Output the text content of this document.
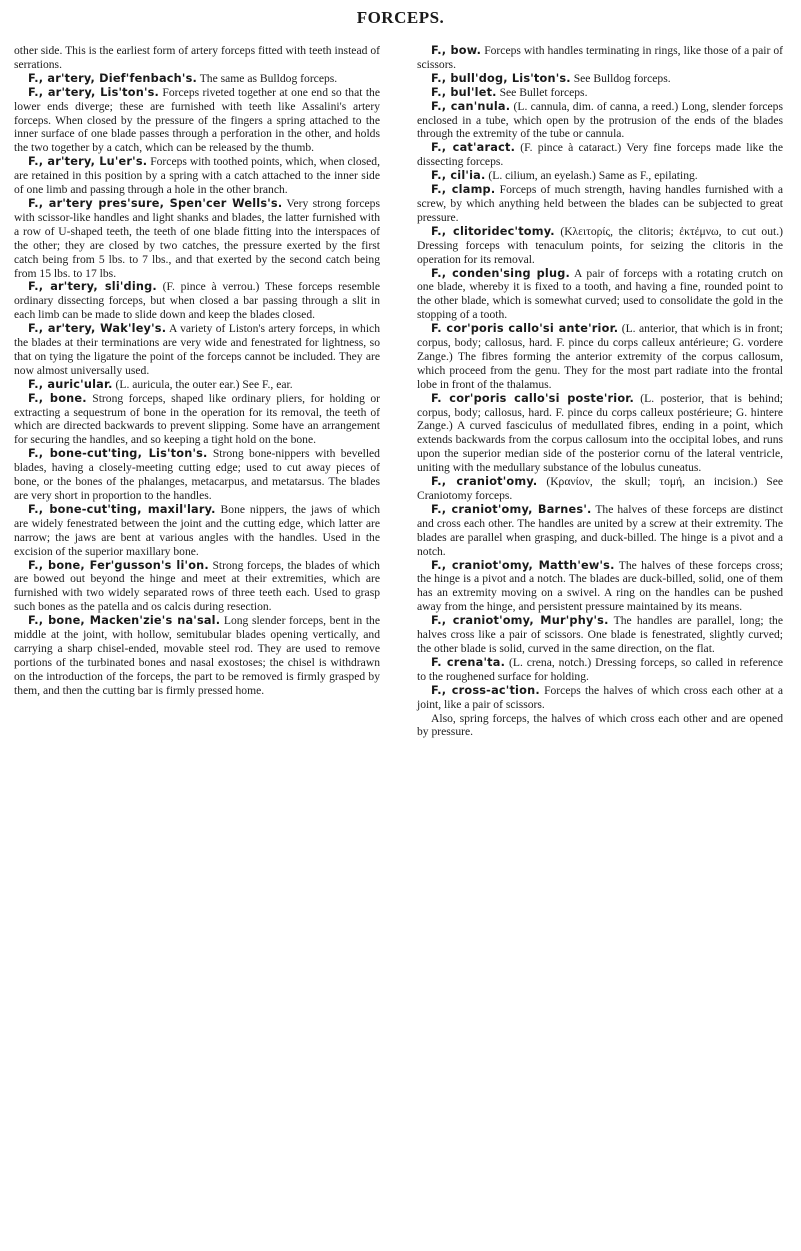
FORCEPS.

other side. This is the earliest form of artery forceps fitted with teeth instead of serrations.

F., ar'tery, Dief'fenbach's. The same as Bulldog forceps.

F., ar'tery, Lis'ton's. Forceps riveted together at one end so that the lower ends diverge; these are furnished with teeth like Assalini's artery forceps. When closed by the pressure of the fingers a spring attached to the inner surface of one blade passes through a perforation in the other, and holds the two together by a catch, which can be released by the thumb.

F., ar'tery, Lu'er's. Forceps with toothed points, which, when closed, are retained in this position by a spring with a catch attached to the inner side of one limb and passing through a hole in the other branch.

F., ar'tery pres'sure, Spen'cer Wells's. Very strong forceps with scissor-like handles and light shanks and blades, the latter furnished with a row of U-shaped teeth, the teeth of one blade fitting into the interspaces of the other; they are closed by two catches, the pressure exerted by the first catch being from 5 lbs. to 7 lbs., and that exerted by the second catch being from 15 lbs. to 17 lbs.

F., ar'tery, sli'ding. (F. pince à verrou.) These forceps resemble ordinary dissecting forceps, but when closed a bar passing through a slit in each limb can be made to slide down and keep the blades closed.

F., ar'tery, Wak'ley's. A variety of Liston's artery forceps, in which the blades at their terminations are very wide and fenestrated for lightness, so that on tying the ligature the point of the forceps cannot be included. They are now almost universally used.

F., auric'ular. (L. auricula, the outer ear.) See F., ear.

F., bone. Strong forceps, shaped like ordinary pliers, for holding or extracting a sequestrum of bone in the operation for its removal, the teeth of which are directed backwards to prevent slipping. Some have an arrangement for securing the handles, and so keeping a tight hold on the bone.

F., bone-cut'ting, Lis'ton's. Strong bone-nippers with bevelled blades, having a closely-meeting cutting edge; used to cut away pieces of bone, or the bones of the phalanges, metacarpus, and metatarsus. The blades are very short in proportion to the handles.

F., bone-cut'ting, maxil'lary. Bone nippers, the jaws of which are widely fenestrated between the joint and the cutting edge, which latter are narrow; the jaws are bent at various angles with the handles. Used in the excision of the superior maxillary bone.

F., bone, Fer'gusson's li'on. Strong forceps, the blades of which are bowed out beyond the hinge and meet at their extremities, which are furnished with two widely separated rows of three teeth each. Used to grasp such bones as the patella and os calcis during resection.

F., bone, Macken'zie's na'sal. Long slender forceps, bent in the middle at the joint, with hollow, semitubular blades opening vertically, and carrying a sharp chisel-ended, movable steel rod. They are used to remove portions of the turbinated bones and nasal exostoses; the chisel is withdrawn on the introduction of the forceps, the part to be removed is firmly grasped by them, and then the cutting bar is firmly pressed home.

F., bow. Forceps with handles terminating in rings, like those of a pair of scissors.

F., bull'dog, Lis'ton's. See Bulldog forceps.

F., bul'let. See Bullet forceps.

F., can'nula. (L. cannula, dim. of canna, a reed.) Long, slender forceps enclosed in a tube, which open by the protrusion of the ends of the blades through the extremity of the tube or cannula.

F., cat'aract. (F. pince à cataract.) Very fine forceps made like the dissecting forceps.

F., cil'ia. (L. cilium, an eyelash.) Same as F., epilating.

F., clamp. Forceps of much strength, having handles furnished with a screw, by which anything held between the blades can be subjected to great pressure.

F., clitoridec'tomy. (Κλειτορίς, the clitoris; ἐκτέμνω, to cut out.) Dressing forceps with tenaculum points, for seizing the clitoris in the operation for its removal.

F., conden'sing plug. A pair of forceps with a rotating crutch on one blade, whereby it is fixed to a tooth, and having a fine, rounded point to the other blade, which is somewhat curved; used to consolidate the gold in the stopping of a tooth.

F. cor'poris callo'si ante'rior. (L. anterior, that which is in front; corpus, body; callosus, hard. F. pince du corps calleux antérieure; G. vordere Zange.) The fibres forming the anterior extremity of the corpus callosum, which proceed from the genu. They for the most part radiate into the frontal lobe in front of the thalamus.

F. cor'poris callo'si poste'rior. (L. posterior, that is behind; corpus, body; callosus, hard. F. pince du corps calleux postérieure; G. hintere Zange.) A curved fasciculus of medullated fibres, ending in a point, which extends backwards from the corpus callosum into the occipital lobes, and runs upon the superior median side of the posterior cornu of the lateral ventricle, uniting with the medullary substance of the lobulus cuneatus.

F., craniot'omy. (Κρανίον, the skull; τομή, an incision.) See Craniotomy forceps.

F., craniot'omy, Barnes'. The halves of these forceps are distinct and cross each other. The handles are united by a screw at their extremity. The blades are parallel when grasping, and duck-billed. The hinge is a pivot and a notch.

F., craniot'omy, Matth'ew's. The halves of these forceps cross; the hinge is a pivot and a notch. The blades are duck-billed, solid, one of them has an extremity moving on a swivel. A ring on the handles can be pushed away from the hinge, and persistent pressure maintained by its means.

F., craniot'omy, Mur'phy's. The handles are parallel, long; the halves cross like a pair of scissors. One blade is fenestrated, slightly curved; the other blade is solid, curved in the same direction, on the flat.

F. crena'ta. (L. crena, notch.) Dressing forceps, so called in reference to the roughened surface for holding.

F., cross-ac'tion. Forceps the halves of which cross each other at a joint, like a pair of scissors.

Also, spring forceps, the halves of which cross each other and are opened by pressure.
